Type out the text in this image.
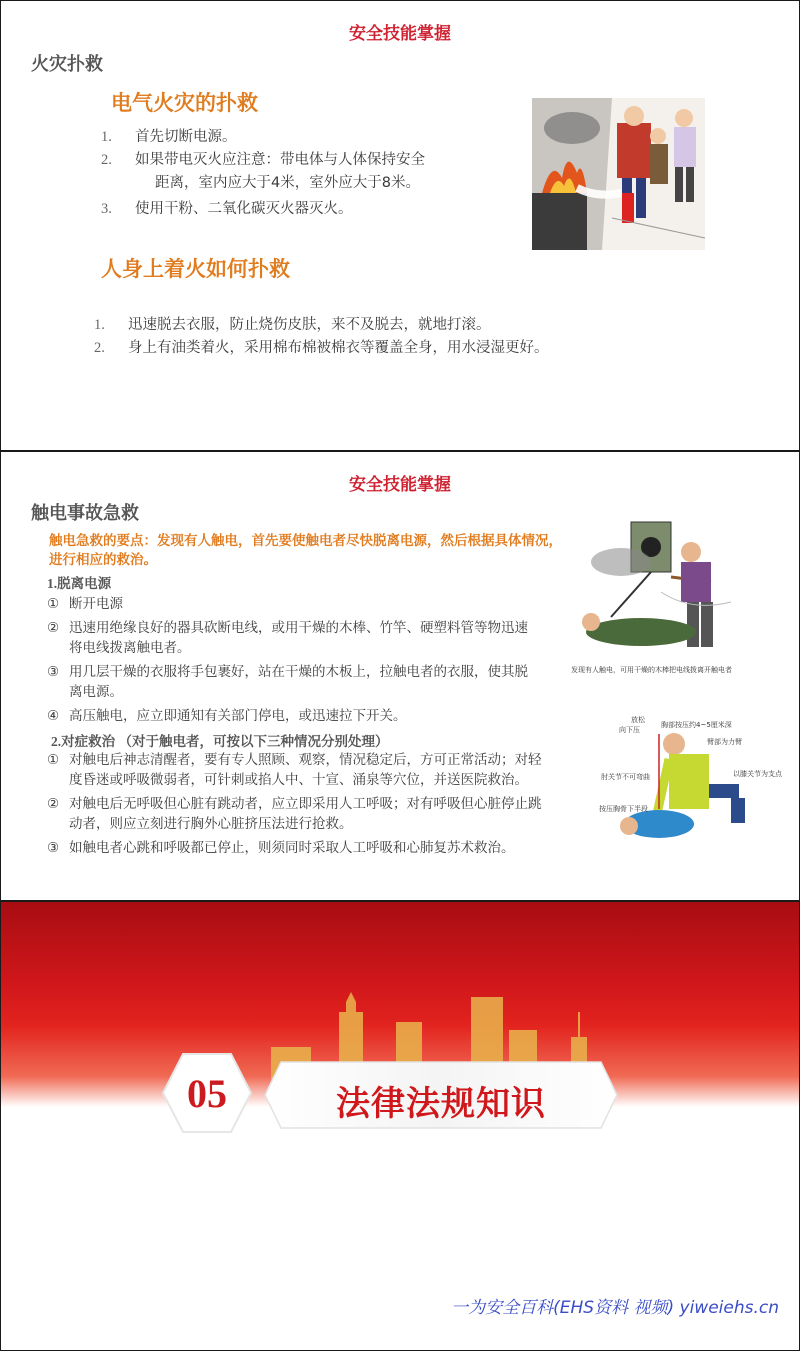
安全技能掌握
火灾扑救
电气火灾的扑救
1.	首先切断电源。
2.	如果带电灭火应注意：带电体与人体保持安全
距离，室内应大于4米，室外应大于8米。
3.	使用干粉、二氧化碳灭火器灭火。
人身上着火如何扑救
1.	迅速脱去衣服，防止烧伤皮肤，来不及脱去，就地打滚。
2.	身上有油类着火，采用棉布棉被棉衣等覆盖全身，用水浸湿更好。
安全技能掌握
触电事故急救
触电急救的要点：发现有人触电，首先要使触电者尽快脱离电源，然后根据具体情况，进行相应的救治。
1.脱离电源
① 断开电源
② 迅速用绝缘良好的器具砍断电线，或用干燥的木棒、竹竿、硬塑料管等物迅速
将电线拨离触电者。
③ 用几层干燥的衣服将手包裹好，站在干燥的木板上，拉触电者的衣服，使其脱
离电源。
④ 高压触电，应立即通知有关部门停电，或迅速拉下开关。
2.对症救治 （对于触电者，可按以下三种情况分别处理）
① 对触电后神志清醒者，要有专人照顾、观察，情况稳定后，方可正常活动；对轻
度昏迷或呼吸微弱者，可针刺或掐人中、十宣、涌泉等穴位，并送医院救治。
② 对触电后无呼吸但心脏有跳动者，应立即采用人工呼吸；对有呼吸但心脏停止跳
动者，则应立刻进行胸外心脏挤压法进行抢救。
③ 如触电者心跳和呼吸都已停止，则须同时采取人工呼吸和心肺复苏术救治。
发现有人触电，可用干燥的木棒把电线拨离开触电者
放松
向下压
胸部按压约4~5厘米深
臂部为力臂
肘关节不可弯曲	以膝关节为支点
按压胸骨下半段
05	法律法规知识
一为安全百科(EHS资料 视频) yiweiehs.cn
